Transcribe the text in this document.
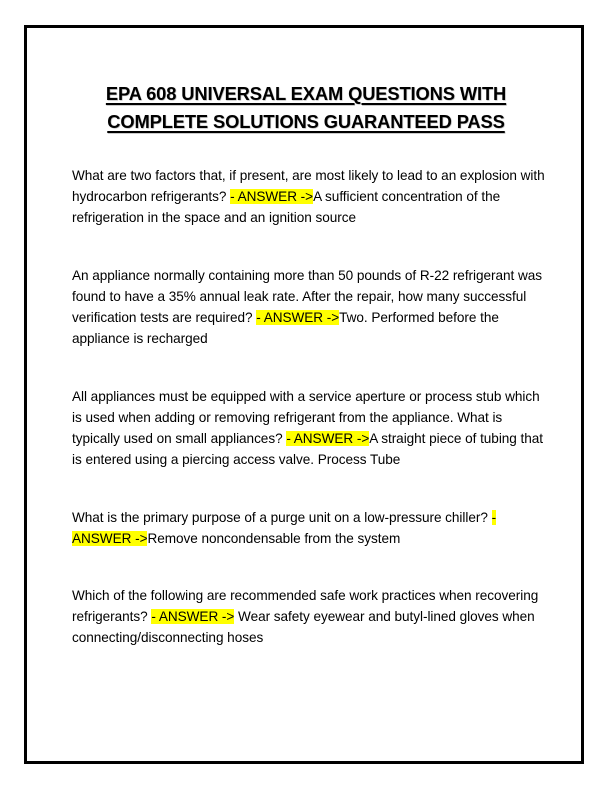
EPA 608 UNIVERSAL EXAM QUESTIONS WITH
COMPLETE SOLUTIONS GUARANTEED PASS
What are two factors that, if present, are most likely to lead to an explosion with hydrocarbon refrigerants? - ANSWER ->A sufficient concentration of the refrigeration in the space and an ignition source
An appliance normally containing more than 50 pounds of R-22 refrigerant was found to have a 35% annual leak rate. After the repair, how many successful verification tests are required? - ANSWER ->Two. Performed before the appliance is recharged
All appliances must be equipped with a service aperture or process stub which is used when adding or removing refrigerant from the appliance. What is typically used on small appliances? - ANSWER ->A straight piece of tubing that is entered using a piercing access valve. Process Tube
What is the primary purpose of a purge unit on a low-pressure chiller? - ANSWER ->Remove noncondensable from the system
Which of the following are recommended safe work practices when recovering refrigerants? - ANSWER -> Wear safety eyewear and butyl-lined gloves when connecting/disconnecting hoses
